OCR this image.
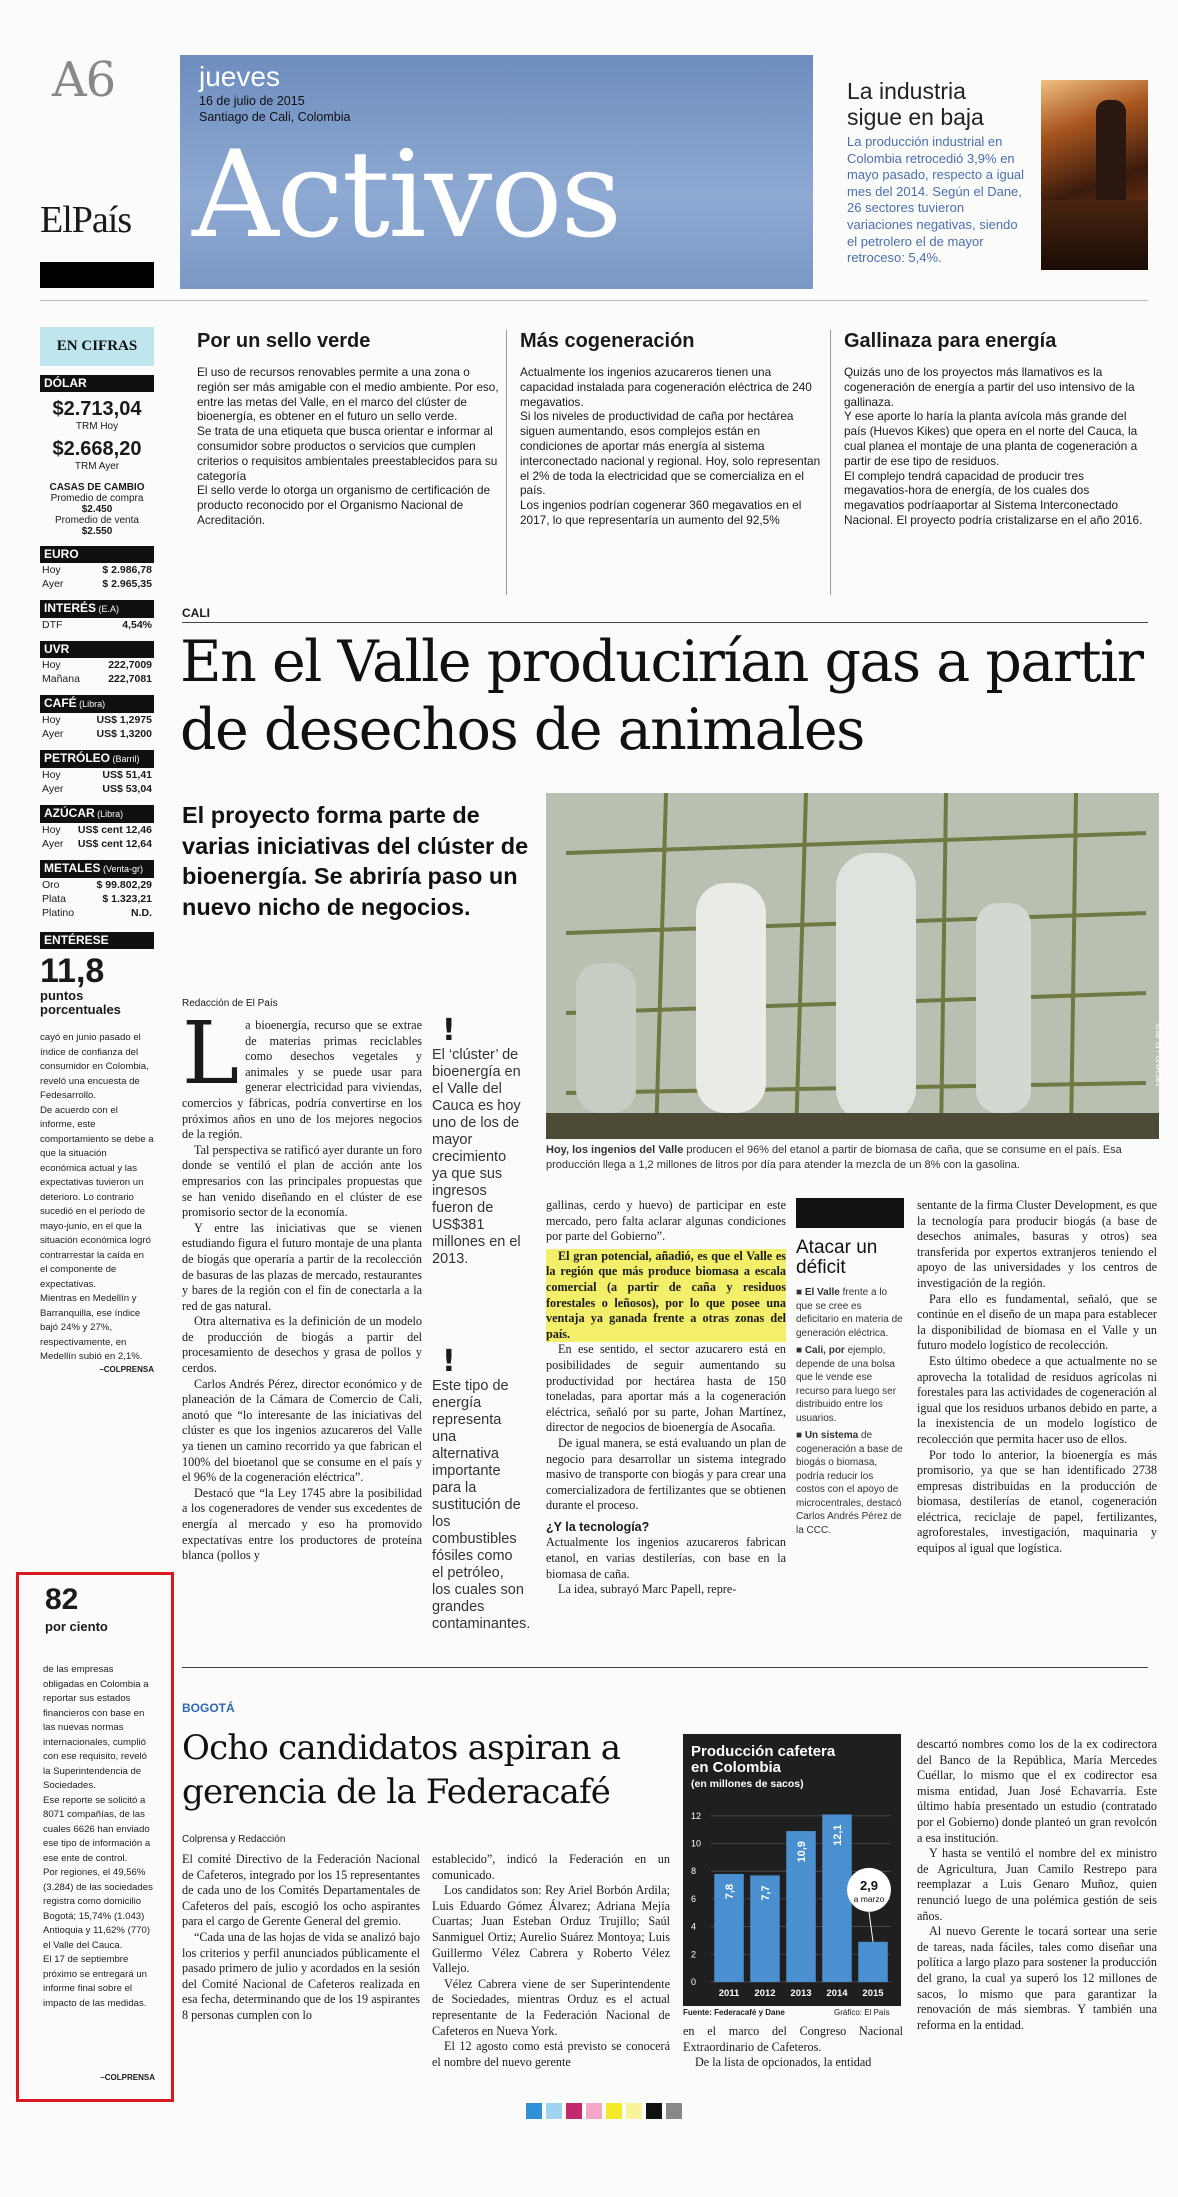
A6
ElPaís
jueves
16 de julio de 2015
Santiago de Cali, Colombia
Activos
La industria sigue en baja
La producción industrial en Colombia retrocedió 3,9% en mayo pasado, respecto a igual mes del 2014. Según el Dane, 26 sectores tuvieron variaciones negativas, siendo el petrolero el de mayor retroceso: 5,4%.
EN CIFRAS
DÓLAR
$2.713,04
TRM Hoy
$2.668,20
TRM Ayer
CASAS DE CAMBIO
Promedio de compra
$2.450
Promedio de venta
$2.550
EURO
Hoy	$ 2.986,78
Ayer	$ 2.965,35
INTERÉS (E.A)
DTF	4,54%
UVR
Hoy	222,7009
Mañana	222,7081
CAFÉ (Libra)
Hoy	US$ 1,2975
Ayer	US$ 1,3200
PETRÓLEO (Barril)
Hoy	US$ 51,41
Ayer	US$ 53,04
AZÚCAR (Libra)
Hoy US$ cent 12,46
Ayer US$ cent 12,64
METALES (Venta-gr)
Oro	$ 99.802,29
Plata	$ 1.323,21
Platino	N.D.
ENTÉRESE
11,8
puntos porcentuales
cayó en junio pasado el índice de confianza del consumidor en Colombia, reveló una encuesta de Fedesarrollo.
De acuerdo con el informe, este comportamiento se debe a que la situación económica actual y las expectativas tuvieron un deterioro. Lo contrario sucedió en el período de mayo-junio, en el que la situación económica logró contrarrestar la caída en el componente de expectativas.
Mientras en Medellín y Barranquilla, ese índice bajó 24% y 27%, respectivamente, en Medellín subió en 2,1%.
–COLPRENSA
82
por ciento
de las empresas obligadas en Colombia a reportar sus estados financieros con base en las nuevas normas internacionales, cumplió con ese requisito, reveló la Superintendencia de Sociedades.
Ese reporte se solicitó a 8071 compañías, de las cuales 6626 han enviado ese tipo de información a ese ente de control.
Por regiones, el 49,56% (3.284) de las sociedades registra como domicilio Bogotá; 15,74% (1.043) Antioquia y 11,62% (770) el Valle del Cauca.
El 17 de septiembre próximo se entregará un informe final sobre el impacto de las medidas.
–COLPRENSA
Por un sello verde
El uso de recursos renovables permite a una zona o región ser más amigable con el medio ambiente. Por eso, entre las metas del Valle, en el marco del clúster de bioenergía, es obtener en el futuro un sello verde.
Se trata de una etiqueta que busca orientar e informar al consumidor sobre productos o servicios que cumplen criterios o requisitos ambientales preestablecidos para su categoría
El sello verde lo otorga un organismo de certificación de producto reconocido por el Organismo Nacional de Acreditación.
Más cogeneración
Actualmente los ingenios azucareros tienen una capacidad instalada para cogeneración eléctrica de 240 megavatios.
Si los niveles de productividad de caña por hectárea siguen aumentando, esos complejos están en condiciones de aportar más energía al sistema interconectado nacional y regional. Hoy, solo representan el 2% de toda la electricidad que se comercializa en el país.
Los ingenios podrían cogenerar 360 megavatios en el 2017, lo que representaría un aumento del 92,5%
Gallinaza para energía
Quizás uno de los proyectos más llamativos es la cogeneración de energía a partir del uso intensivo de la gallinaza.
Y ese aporte lo haría la planta avícola más grande del país (Huevos Kikes) que opera en el norte del Cauca, la cual planea el montaje de una planta de cogeneración a partir de ese tipo de residuos.
El complejo tendrá capacidad de producir tres megavatios-hora de energía, de los cuales dos megavatios podríaaportar al Sistema Interconectado Nacional. El proyecto podría cristalizarse en el año 2016.
CALI
En el Valle producirían gas a partir de desechos de animales
El proyecto forma parte de varias iniciativas del clúster de bioenergía. Se abriría paso un nuevo nicho de negocios.
ARCHIVO / EL PAÍS
Hoy, los ingenios del Valle producen el 96% del etanol a partir de biomasa de caña, que se consume en el país. Esa producción llega a 1,2 millones de litros por día para atender la mezcla de un 8% con la gasolina.
Redacción de El País
L a bioenergía, recurso que se extrae de materias primas reciclables como desechos vegetales y animales y se puede usar para generar electricidad para viviendas, comercios y fábricas, podría convertirse en los próximos años en uno de los mejores negocios de la región.

Tal perspectiva se ratificó ayer durante un foro donde se ventiló el plan de acción ante los empresarios con las principales propuestas que se han venido diseñando en el clúster de ese promisorio sector de la economía.

Y entre las iniciativas que se vienen estudiando figura el futuro montaje de una planta de biogás que operaría a partir de la recolección de basuras de las plazas de mercado, restaurantes y bares de la región con el fin de conectarla a la red de gas natural.

Otra alternativa es la definición de un modelo de producción de biogás a partir del procesamiento de desechos y grasa de pollos y cerdos.

Carlos Andrés Pérez, director económico y de planeación de la Cámara de Comercio de Cali, anotó que “lo interesante de las iniciativas del clúster es que los ingenios azucareros del Valle ya tienen un camino recorrido ya que fabrican el 100% del bioetanol que se consume en el país y el 96% de la cogeneración eléctrica”.

Destacó que “la Ley 1745 abre la posibilidad a los cogeneradores de vender sus excedentes de energía al mercado y eso ha promovido expectativas entre los productores de proteína blanca (pollos y

!
El ‘clúster’ de bioenergía en el Valle del Cauca es hoy uno de los de mayor crecimiento ya que sus ingresos fueron de US$381 millones en el 2013.
!
Este tipo de energía representa una alternativa importante para la sustitución de los combustibles fósiles como el petróleo, los cuales son grandes contaminantes.

gallinas, cerdo y huevo) de participar en este mercado, pero falta aclarar algunas condiciones por parte del Gobierno”.

El gran potencial, añadió, es que el Valle es la región que más produce biomasa a escala comercial (a partir de caña y residuos forestales o leñosos), por lo que posee una ventaja ya ganada frente a otras zonas del país.

En ese sentido, el sector azucarero está en posibilidades de seguir aumentando su productividad por hectárea hasta de 150 toneladas, para aportar más a la cogeneración eléctrica, señaló por su parte, Johan Martínez, director de negocios de bioenergía de Asocaña.

De igual manera, se está evaluando un plan de negocio para desarrollar un sistema integrado masivo de transporte con biogás y para crear una comercializadora de fertilizantes que se obtienen durante el proceso.

¿Y la tecnología?

Actualmente los ingenios azucareros fabrican etanol, en varias destilerías, con base en la biomasa de caña.

La idea, subrayó Marc Papell, repre-

Atacar un déficit
■ El Valle frente a lo que se cree es deficitario en materia de generación eléctrica.
■ Cali, por ejemplo, depende de una bolsa que le vende ese recurso para luego ser distribuido entre los usuarios.
■ Un sistema de cogeneración a base de biogás o biomasa, podría reducir los costos con el apoyo de microcentrales, destacó Carlos Andrés Pérez de la CCC.

sentante de la firma Cluster Development, es que la tecnología para producir biogás (a base de desechos animales, basuras y otros) sea transferida por expertos extranjeros teniendo el apoyo de las universidades y los centros de investigación de la región.

Para ello es fundamental, señaló, que se continúe en el diseño de un mapa para establecer la disponibilidad de biomasa en el Valle y un futuro modelo logístico de recolección.

Esto último obedece a que actualmente no se aprovecha la totalidad de residuos agrícolas ni forestales para las actividades de cogeneración al igual que los residuos urbanos debido en parte, a la inexistencia de un modelo logístico de recolección que permita hacer uso de ellos.

Por todo lo anterior, la bioenergía es más promisorio, ya que se han identificado 2738 empresas distribuidas en la producción de biomasa, destilerías de etanol, cogeneración eléctrica, reciclaje de papel, fertilizantes, agroforestales, investigación, maquinaria y equipos al igual que logística.

BOGOTÁ
Ocho candidatos aspiran a gerencia de la Federacafé
Colprensa y Redacción

El comité Directivo de la Federación Nacional de Cafeteros, integrado por los 15 representantes de cada uno de los Comités Departamentales de Cafeteros del país, escogió los ocho aspirantes para el cargo de Gerente General del gremio.

“Cada una de las hojas de vida se analizó bajo los criterios y perfil anunciados públicamente el pasado primero de julio y acordados en la sesión del Comité Nacional de Cafeteros realizada en esa fecha, determinando que de los 19 aspirantes 8 personas cumplen con lo

establecido”, indicó la Federación en un comunicado.

Los candidatos son: Rey Ariel Borbón Ardila; Luis Eduardo Gómez Álvarez; Adriana Mejía Cuartas; Juan Esteban Orduz Trujillo; Saúl Sanmiguel Ortiz; Aurelio Suárez Montoya; Luis Guillermo Vélez Cabrera y Roberto Vélez Vallejo.

Vélez Cabrera viene de ser Superintendente de Sociedades, mientras Orduz es el actual representante de la Federación Nacional de Cafeteros en Nueva York.

El 12 agosto como está previsto se conocerá el nombre del nuevo gerente

Producción cafetera en Colombia
(en millones de sacos)
12
10
8
6
4
2
0
7,8
2011
7,7
2012
10,9
2013
12,1
2014 2015
2,9
a marzo
Fuente: Federacafé y Dane	Gráfico: El País

en el marco del Congreso Nacional Extraordinario de Cafeteros.

De la lista de opcionados, la entidad

descartó nombres como los de la ex codirectora del Banco de la República, María Mercedes Cuéllar, lo mismo que el ex codirector esa misma entidad, Juan José Echavarría. Este último había presentado un estudio (contratado por el Gobierno) donde planteó un gran revolcón a esa institución.

Y hasta se ventiló el nombre del ex ministro de Agricultura, Juan Camilo Restrepo para reemplazar a Luis Genaro Muñoz, quien renunció luego de una polémica gestión de seis años.

Al nuevo Gerente le tocará sortear una serie de tareas, nada fáciles, tales como diseñar una política a largo plazo para sostener la producción del grano, la cual ya superó los 12 millones de sacos, lo mismo que para garantizar la renovación de más siembras. Y también una reforma en la entidad.
